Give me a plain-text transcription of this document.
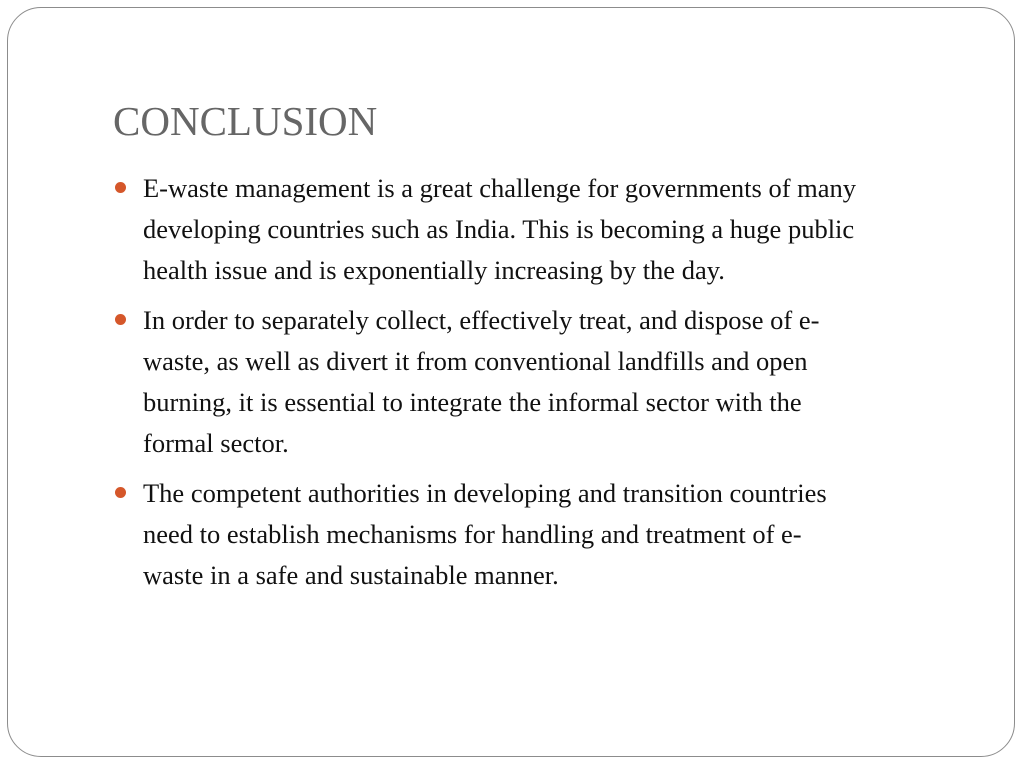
CONCLUSION
E-waste management is a great challenge for governments of many
developing countries such as India. This is becoming a huge public
health issue and is exponentially increasing by the day.
In order to separately collect, effectively treat, and dispose of e-
waste, as well as divert it from conventional landfills and open
burning, it is essential to integrate the informal sector with the
formal sector.
The competent authorities in developing and transition countries
need to establish mechanisms for handling and treatment of e-
waste in a safe and sustainable manner.
